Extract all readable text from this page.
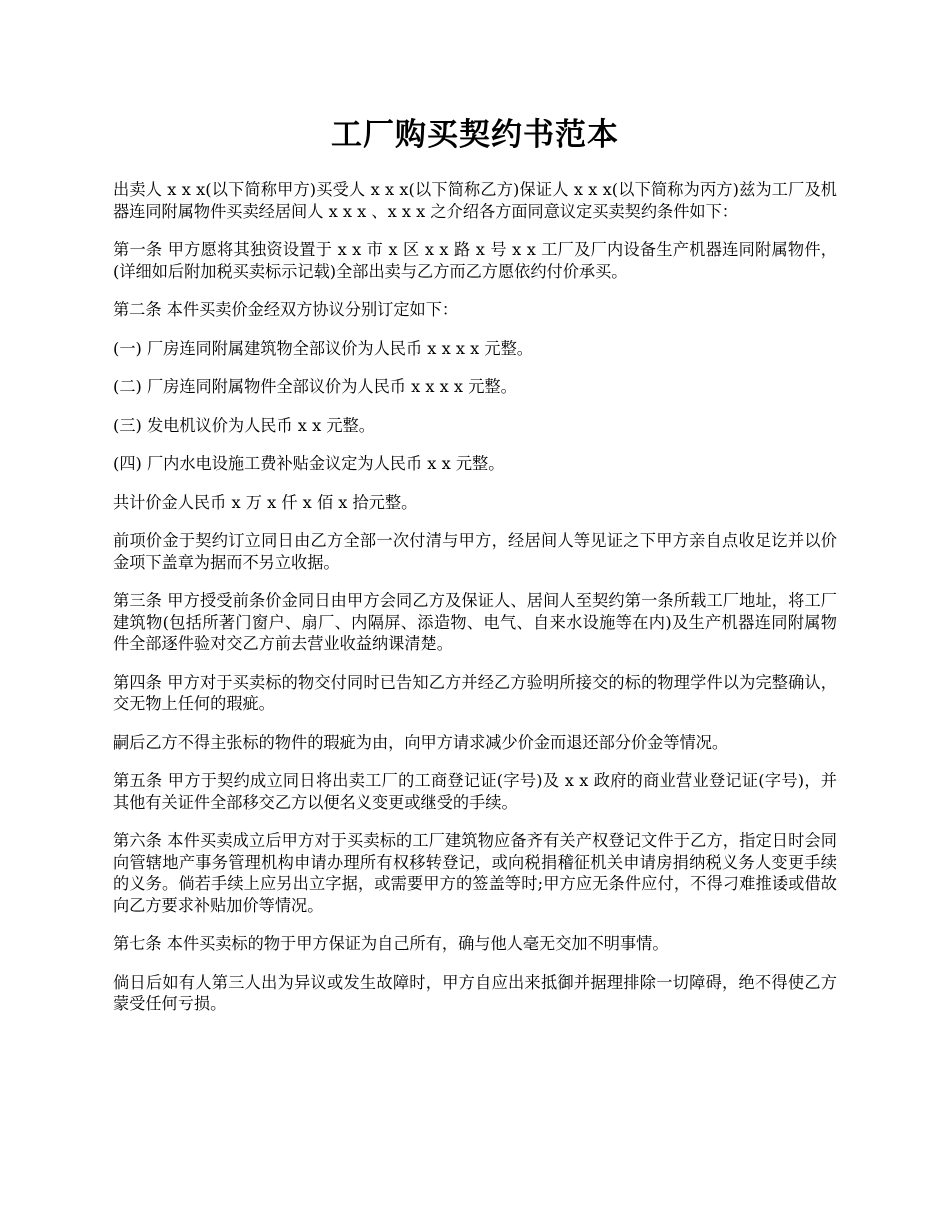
工厂购买契约书范本

出卖人 x x x(以下简称甲方)买受人 x x x(以下简称乙方)保证人 x x x(以下简称为丙方)兹为工厂及机器连同附属物件买卖经居间人 x x x 、x x x 之介绍各方面同意议定买卖契约条件如下：

第一条 甲方愿将其独资设置于 x x 市 x 区 x x 路 x 号 x x 工厂及厂内设备生产机器连同附属物件，(详细如后附加税买卖标示记载)全部出卖与乙方而乙方愿依约付价承买。

第二条 本件买卖价金经双方协议分别订定如下：

(一) 厂房连同附属建筑物全部议价为人民币 x x x x 元整。

(二) 厂房连同附属物件全部议价为人民币 x x x x 元整。

(三) 发电机议价为人民币 x x 元整。

(四) 厂内水电设施工费补贴金议定为人民币 x x 元整。

共计价金人民币 x 万 x 仟 x 佰 x 拾元整。

前项价金于契约订立同日由乙方全部一次付清与甲方，经居间人等见证之下甲方亲自点收足讫并以价金项下盖章为据而不另立收据。

第三条 甲方授受前条价金同日由甲方会同乙方及保证人、居间人至契约第一条所载工厂地址，将工厂建筑物(包括所著门窗户、扇厂、内隔屏、添造物、电气、自来水设施等在内)及生产机器连同附属物件全部逐件验对交乙方前去营业收益纳课清楚。

第四条 甲方对于买卖标的物交付同时已告知乙方并经乙方验明所接交的标的物理学件以为完整确认，交无物上任何的瑕疵。

嗣后乙方不得主张标的物件的瑕疵为由，向甲方请求减少价金而退还部分价金等情况。

第五条 甲方于契约成立同日将出卖工厂的工商登记证(字号)及 x x 政府的商业营业登记证(字号)，并其他有关证件全部移交乙方以便名义变更或继受的手续。

第六条 本件买卖成立后甲方对于买卖标的工厂建筑物应备齐有关产权登记文件于乙方，指定日时会同向管辖地产事务管理机构申请办理所有权移转登记，或向税捐稽征机关申请房捐纳税义务人变更手续的义务。倘若手续上应另出立字据，或需要甲方的签盖等时;甲方应无条件应付，不得刁难推诿或借故向乙方要求补贴加价等情况。

第七条 本件买卖标的物于甲方保证为自己所有，确与他人毫无交加不明事情。

倘日后如有人第三人出为异议或发生故障时，甲方自应出来抵御并据理排除一切障碍，绝不得使乙方蒙受任何亏损。
